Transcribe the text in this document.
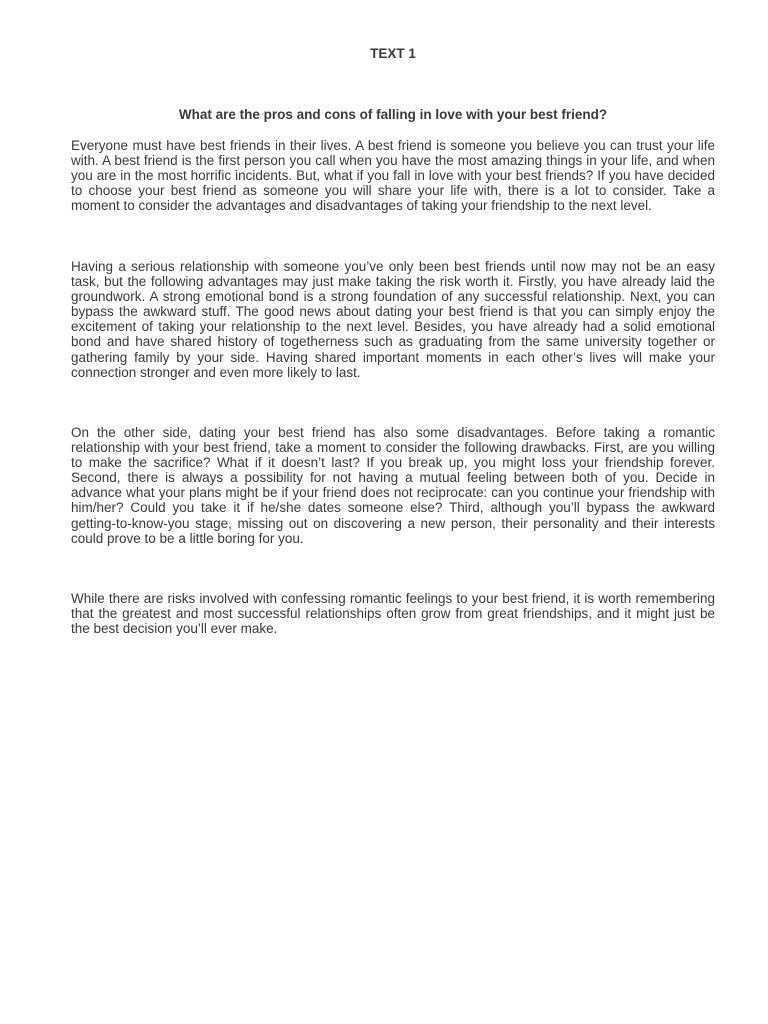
TEXT 1
What are the pros and cons of falling in love with your best friend?

Everyone must have best friends in their lives. A best friend is someone you believe you can trust your life with. A best friend is the first person you call when you have the most amazing things in your life, and when you are in the most horrific incidents. But, what if you fall in love with your best friends? If you have decided to choose your best friend as someone you will share your life with, there is a lot to consider. Take a moment to consider the advantages and disadvantages of taking your friendship to the next level.

Having a serious relationship with someone you’ve only been best friends until now may not be an easy task, but the following advantages may just make taking the risk worth it. Firstly, you have already laid the groundwork. A strong emotional bond is a strong foundation of any successful relationship. Next, you can bypass the awkward stuff. The good news about dating your best friend is that you can simply enjoy the excitement of taking your relationship to the next level. Besides, you have already had a solid emotional bond and have shared history of togetherness such as graduating from the same university together or gathering family by your side. Having shared important moments in each other’s lives will make your connection stronger and even more likely to last.

On the other side, dating your best friend has also some disadvantages. Before taking a romantic relationship with your best friend, take a moment to consider the following drawbacks. First, are you willing to make the sacrifice? What if it doesn’t last? If you break up, you might loss your friendship forever. Second, there is always a possibility for not having a mutual feeling between both of you. Decide in advance what your plans might be if your friend does not reciprocate: can you continue your friendship with him/her? Could you take it if he/she dates someone else? Third, although you’ll bypass the awkward getting-to-know-you stage, missing out on discovering a new person, their personality and their interests could prove to be a little boring for you.

While there are risks involved with confessing romantic feelings to your best friend, it is worth remembering that the greatest and most successful relationships often grow from great friendships, and it might just be the best decision you’ll ever make.
